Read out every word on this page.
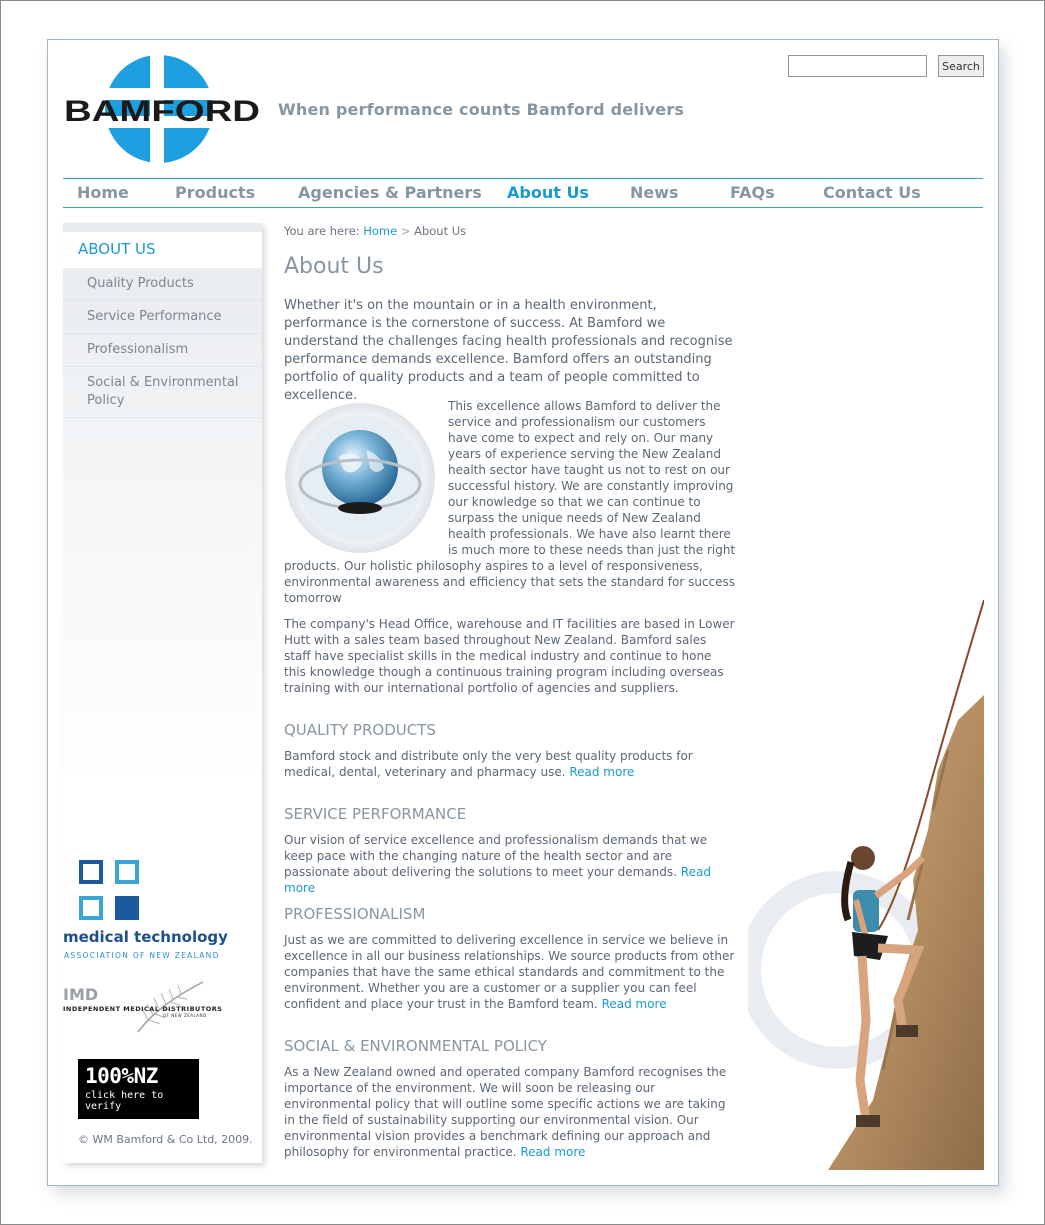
BAMFORD When performance counts Bamford delivers
Search
Home	Products	Agencies & Partners About Us	News	FAQs	Contact Us
ABOUT US
Quality Products
Service Performance
Professionalism
Social & Environmental Policy
medical technology
ASSOCIATION OF NEW ZEALAND
IMD
INDEPENDENT MEDICAL DISTRIBUTORS
OF NEW ZEALAND
100%NZ
click here to verify
© WM Bamford & Co Ltd, 2009.
You are here: Home > About Us
About Us
Whether it's on the mountain or in a health environment, performance is the cornerstone of success. At Bamford we understand the challenges facing health professionals and recognise performance demands excellence. Bamford offers an outstanding portfolio of quality products and a team of people committed to excellence.
This excellence allows Bamford to deliver the service and professionalism our customers have come to expect and rely on. Our many years of experience serving the New Zealand health sector have taught us not to rest on our successful history. We are constantly improving our knowledge so that we can continue to surpass the unique needs of New Zealand health professionals. We have also learnt there is much more to these needs than just the right
products. Our holistic philosophy aspires to a level of responsiveness, environmental awareness and efficiency that sets the standard for success tomorrow
The company's Head Office, warehouse and IT facilities are based in Lower Hutt with a sales team based throughout New Zealand. Bamford sales staff have specialist skills in the medical industry and continue to hone this knowledge though a continuous training program including overseas training with our international portfolio of agencies and suppliers.
QUALITY PRODUCTS
Bamford stock and distribute only the very best quality products for medical, dental, veterinary and pharmacy use. Read more
SERVICE PERFORMANCE
Our vision of service excellence and professionalism demands that we keep pace with the changing nature of the health sector and are passionate about delivering the solutions to meet your demands. Read more
PROFESSIONALISM
Just as we are committed to delivering excellence in service we believe in excellence in all our business relationships. We source products from other companies that have the same ethical standards and commitment to the environment. Whether you are a customer or a supplier you can feel confident and place your trust in the Bamford team. Read more
SOCIAL & ENVIRONMENTAL POLICY
As a New Zealand owned and operated company Bamford recognises the importance of the environment. We will soon be releasing our environmental policy that will outline some specific actions we are taking in the field of sustainability supporting our environmental vision. Our environmental vision provides a benchmark defining our approach and philosophy for environmental practice. Read more
